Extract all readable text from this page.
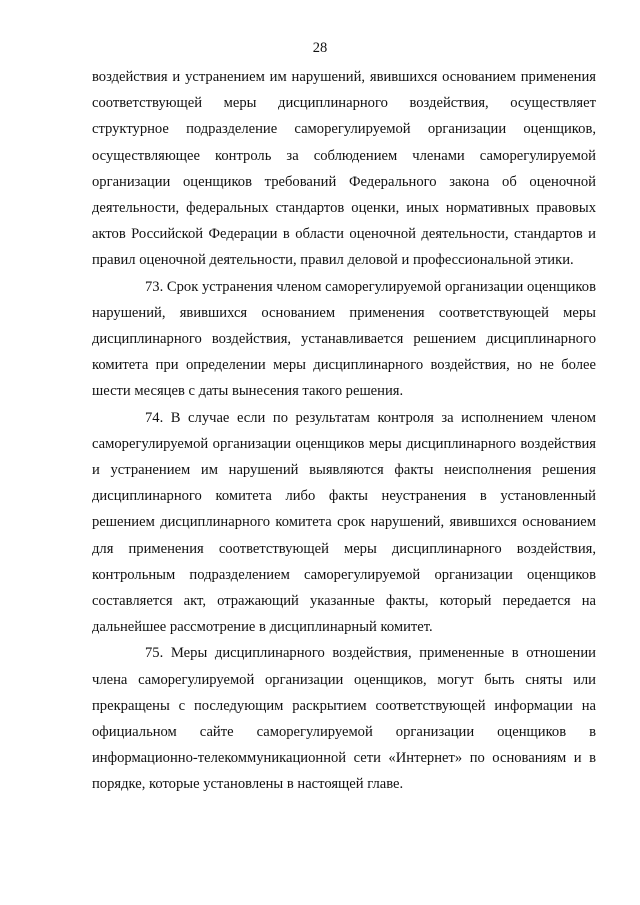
28

воздействия и устранением им нарушений, явившихся основанием применения соответствующей меры дисциплинарного воздействия, осуществляет структурное подразделение саморегулируемой организации оценщиков, осуществляющее контроль за соблюдением членами саморегулируемой организации оценщиков требований Федерального закона об оценочной деятельности, федеральных стандартов оценки, иных нормативных правовых актов Российской Федерации в области оценочной деятельности, стандартов и правил оценочной деятельности, правил деловой и профессиональной этики.

73. Срок устранения членом саморегулируемой организации оценщиков нарушений, явившихся основанием применения соответствующей меры дисциплинарного воздействия, устанавливается решением дисциплинарного комитета при определении меры дисциплинарного воздействия, но не более шести месяцев с даты вынесения такого решения.

74. В случае если по результатам контроля за исполнением членом саморегулируемой организации оценщиков меры дисциплинарного воздействия и устранением им нарушений выявляются факты неисполнения решения дисциплинарного комитета либо факты неустранения в установленный решением дисциплинарного комитета срок нарушений, явившихся основанием для применения соответствующей меры дисциплинарного воздействия, контрольным подразделением саморегулируемой организации оценщиков составляется акт, отражающий указанные факты, который передается на дальнейшее рассмотрение в дисциплинарный комитет.

75. Меры дисциплинарного воздействия, примененные в отношении члена саморегулируемой организации оценщиков, могут быть сняты или прекращены с последующим раскрытием соответствующей информации на официальном сайте саморегулируемой организации оценщиков в информационно-телекоммуникационной сети «Интернет» по основаниям и в порядке, которые установлены в настоящей главе.
